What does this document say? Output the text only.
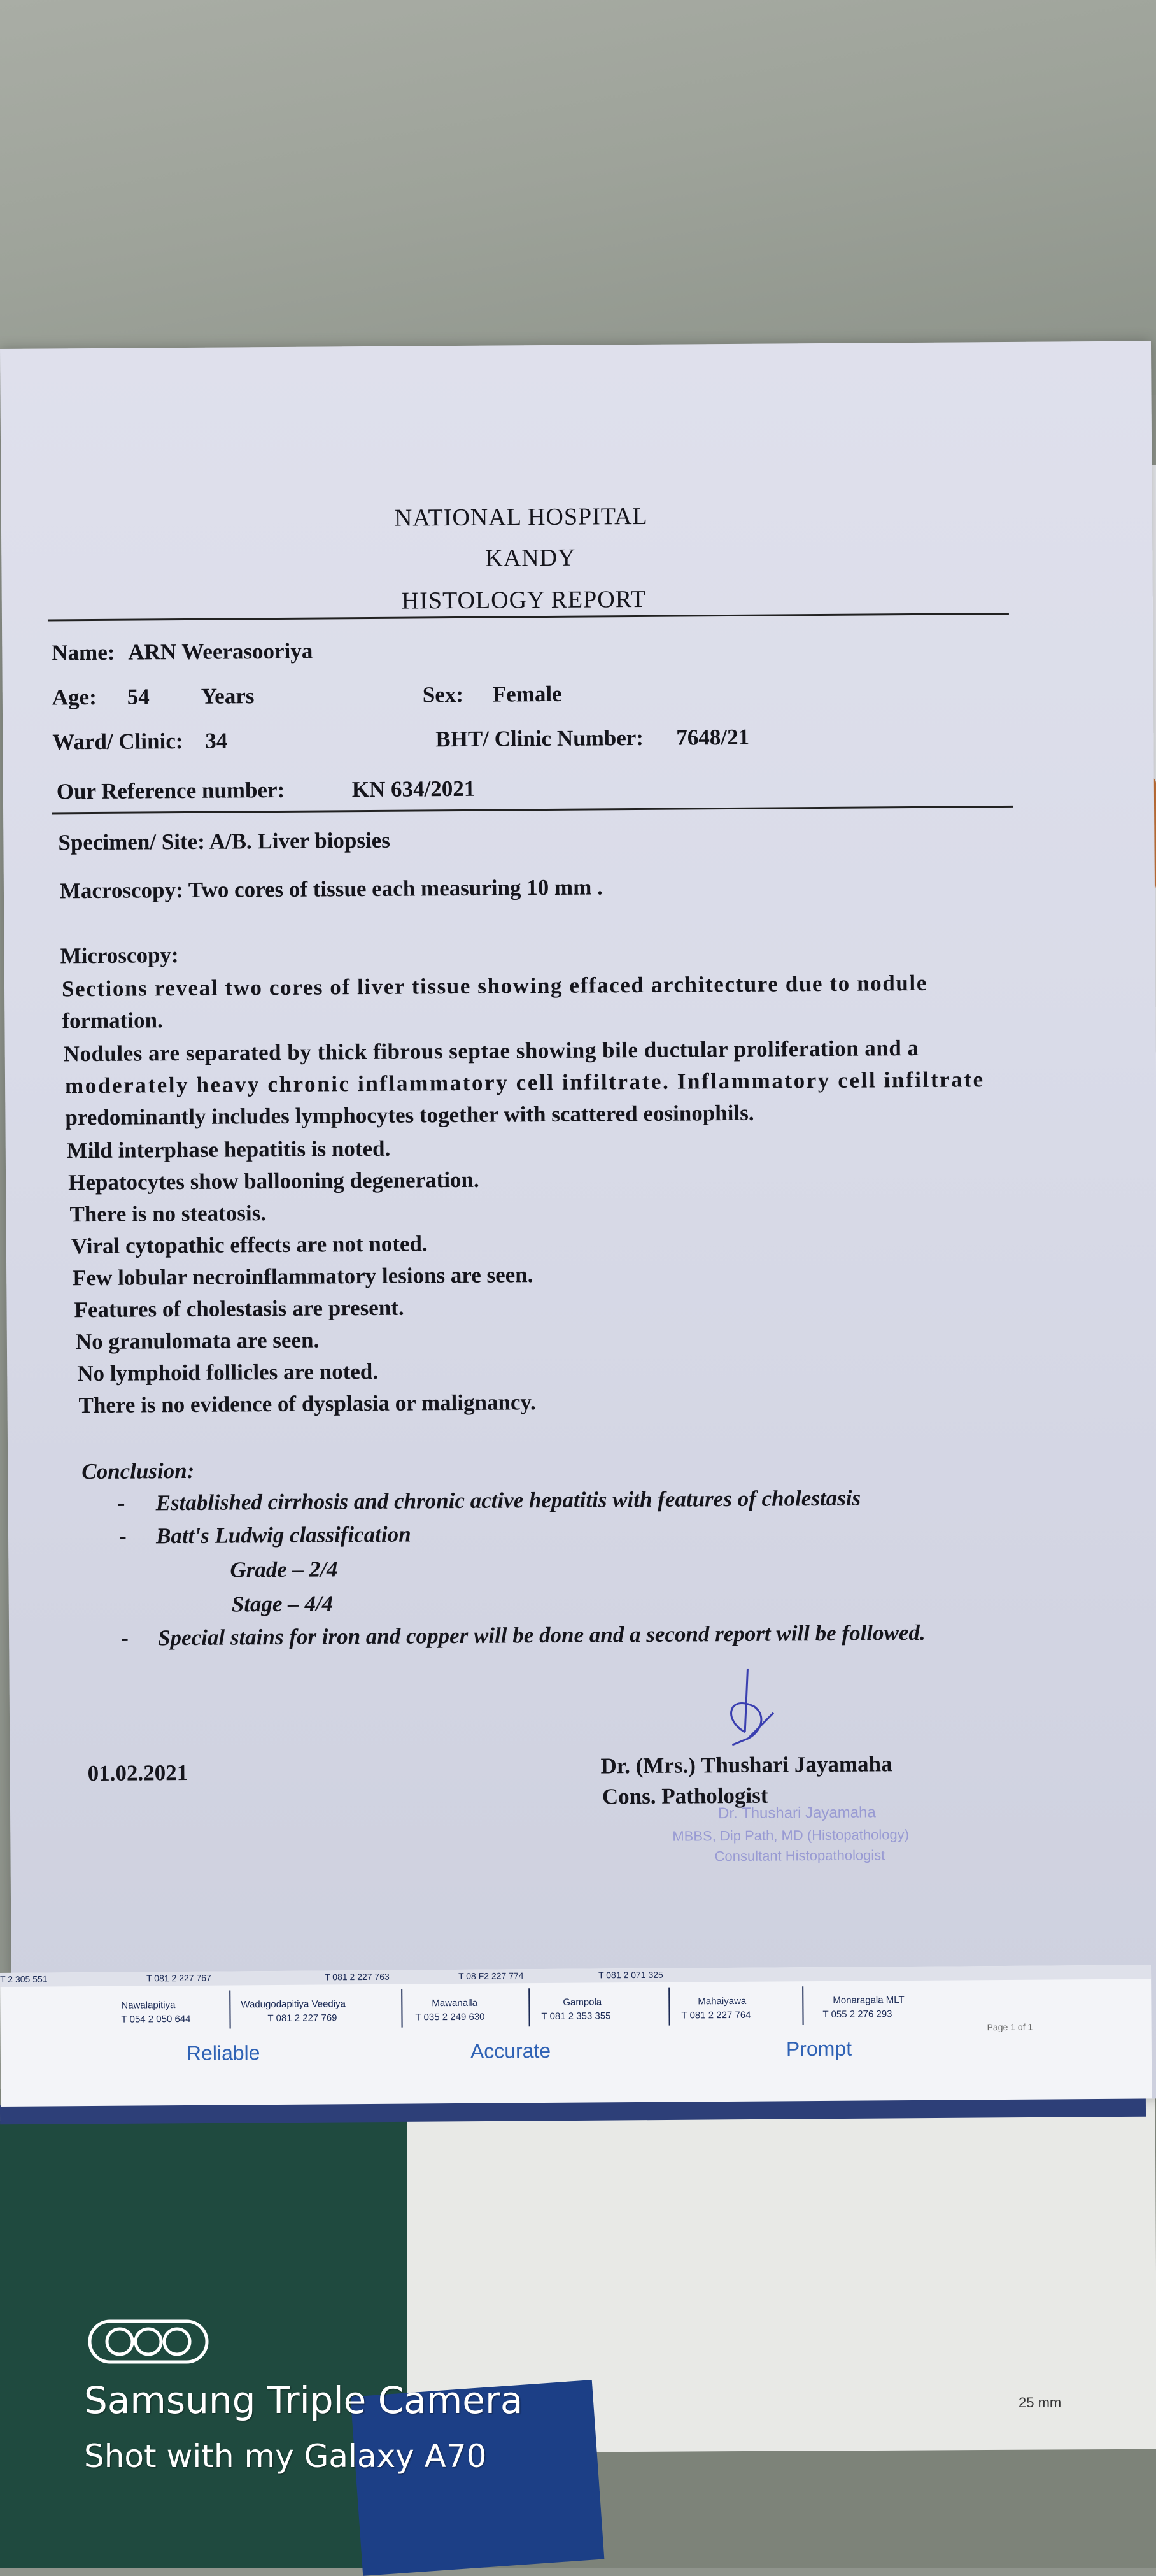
NATIONAL HOSPITAL
KANDY
HISTOLOGY REPORT
Name: ARN Weerasooriya
Age: 54 Years	Sex: Female
Ward/ Clinic: 34	BHT/ Clinic Number: 7648/21
Our Reference number:	KN 634/2021
Specimen/ Site: A/B. Liver biopsies
Macroscopy: Two cores of tissue each measuring 10 mm .
Microscopy:
Sections reveal two cores of liver tissue showing effaced architecture due to nodule
formation.
Nodules are separated by thick fibrous septae showing bile ductular proliferation and a
moderately heavy chronic inflammatory cell infiltrate. Inflammatory cell infiltrate
predominantly includes lymphocytes together with scattered eosinophils.
Mild interphase hepatitis is noted.
Hepatocytes show ballooning degeneration.
There is no steatosis.
Viral cytopathic effects are not noted.
Few lobular necroinflammatory lesions are seen.
Features of cholestasis are present.
No granulomata are seen.
No lymphoid follicles are noted.
There is no evidence of dysplasia or malignancy.
Conclusion:
- Established cirrhosis and chronic active hepatitis with features of cholestasis
- Batt's Ludwig classification
Grade – 2/4
Stage – 4/4
- Special stains for iron and copper will be done and a second report will be followed.
01.02.2021	Dr. (Mrs.) Thushari Jayamaha
Cons. Pathologist
Dr. Thushari Jayamaha
MBBS, Dip Path, MD (Histopathology)
Consultant Histopathologist
T 2 305 551	T 081 2 227 767	T 081 2 227 763	T 08 F2 227 774	T 081 2 071 325
Nawalapitiya
T 054 2 050 644
Wadugodapitiya Veediya
T 081 2 227 769
Mawanalla
T 035 2 249 630
Gampola
T 081 2 353 355
Mahaiyawa
T 081 2 227 764
Monaragala MLT
T 055 2 276 293
Page 1 of 1
Reliable	Accurate	Prompt
25 mm
Samsung Triple Camera
Shot with my Galaxy A70
